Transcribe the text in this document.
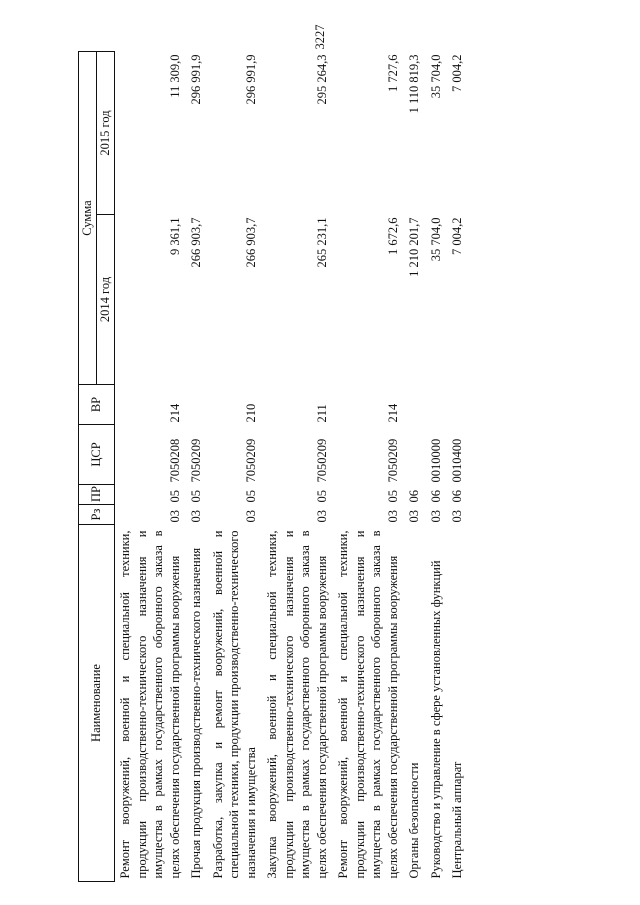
3227
Наименование	Рз	ПР	ЦСР	ВР	Сумма	
					2014 год	2015 год
Ремонт вооружений, военной и специальной техники, продукции производственно-технического назначения и имущества в рамках государственного оборонного заказа в целях обеспечения государственной программы вооружения	03	05	7050208	214	9 361,1	11 309,0
Прочая продукция производственно-технического назначения	03	05	7050209		266 903,7	296 991,9
Разработка, закупка и ремонт вооружений, военной и специальной техники, продукции производственно-технического назначения и имущества	03	05	7050209	210	266 903,7	296 991,9
Закупка вооружений, военной и специальной техники, продукции производственно-технического назначения и имущества в рамках государственного оборонного заказа в целях обеспечения государственной программы вооружения	03	05	7050209	211	265 231,1	295 264,3
Ремонт вооружений, военной и специальной техники, продукции производственно-технического назначения и имущества в рамках государственного оборонного заказа в целях обеспечения государственной программы вооружения	03	05	7050209	214	1 672,6	1 727,6
Органы безопасности	03	06			1 210 201,7	1 110 819,3
Руководство и управление в сфере установленных функций	03	06	0010000		35 704,0	35 704,0
Центральный аппарат	03	06	0010400		7 004,2	7 004,2
